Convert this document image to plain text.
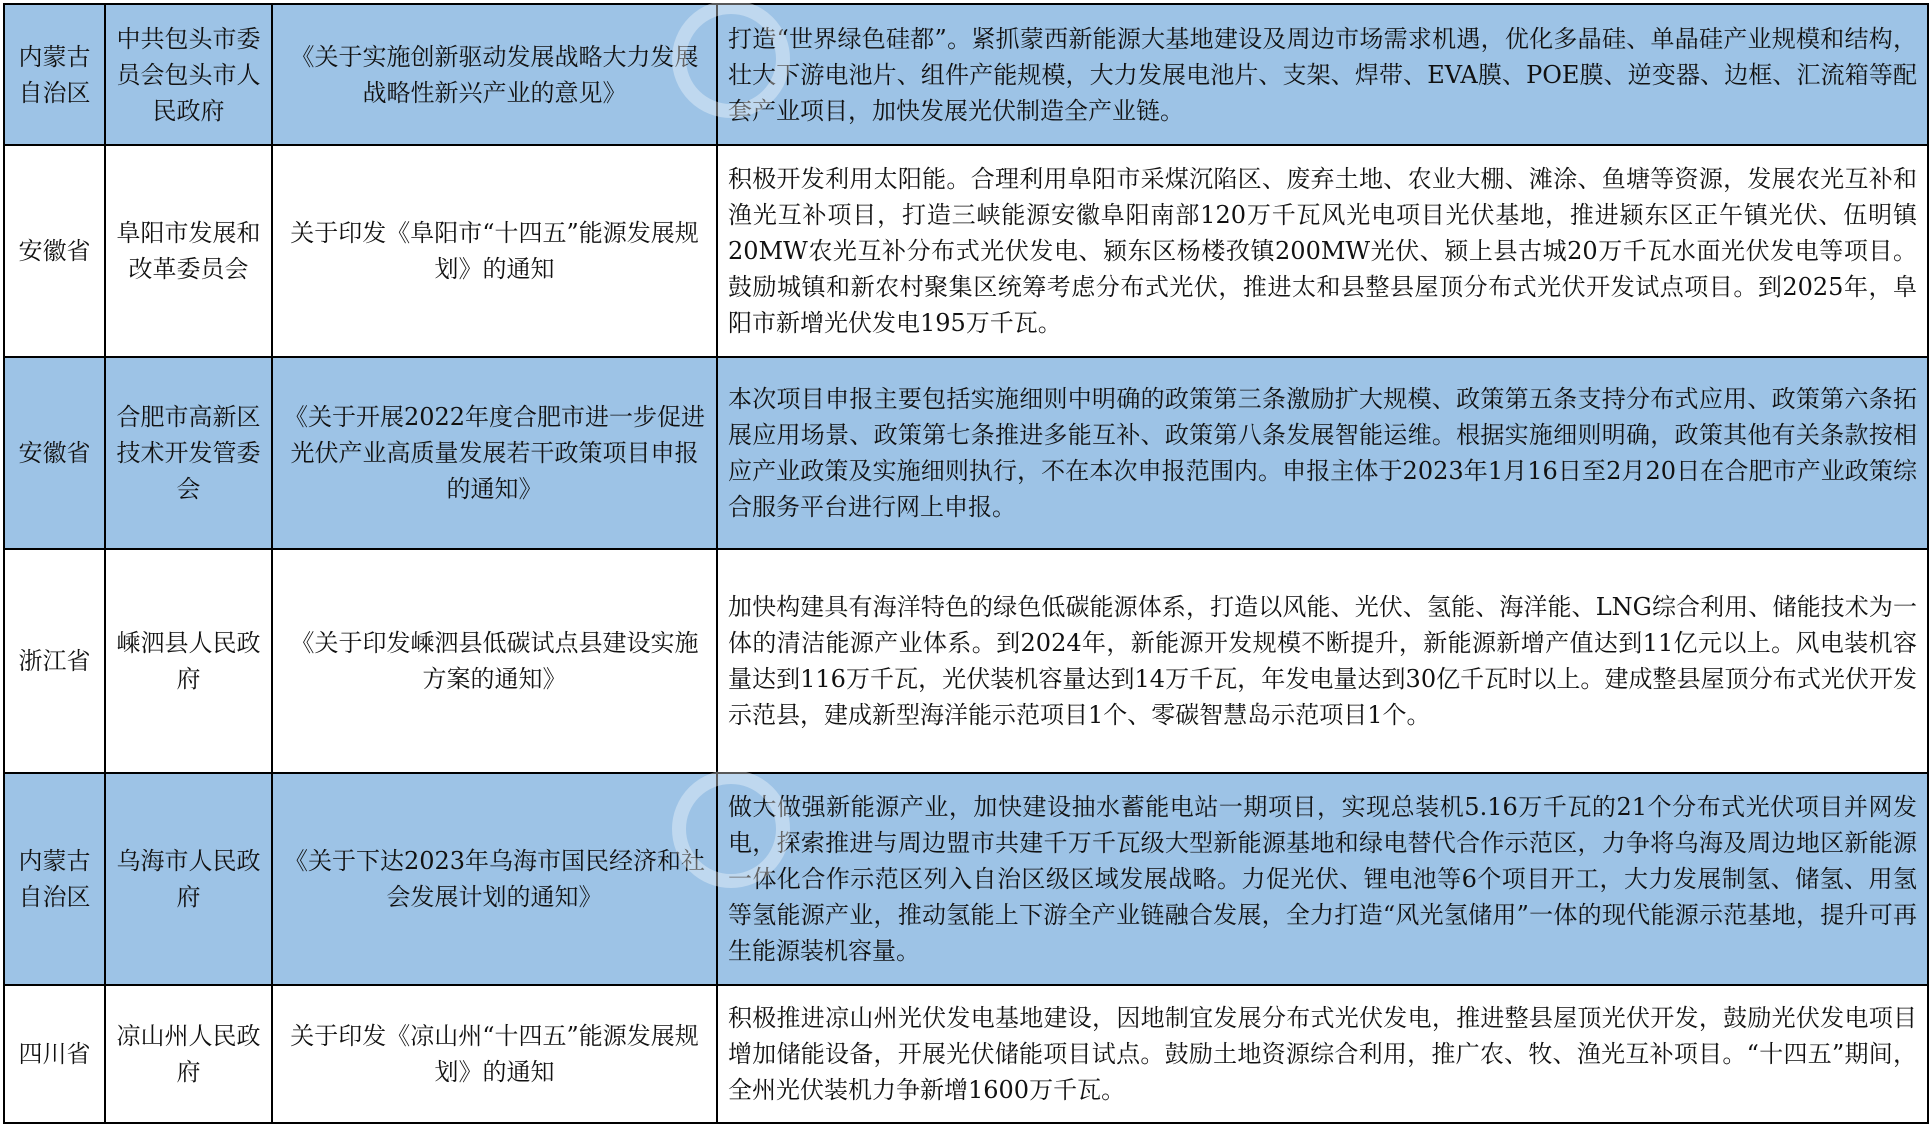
内蒙古自治区	中共包头市委员会包头市人民政府	《关于实施创新驱动发展战略大力发展战略性新兴产业的意见》	打造“世界绿色硅都”。紧抓蒙西新能源大基地建设及周边市场需求机遇，优化多晶硅、单晶硅产业规模和结构，壮大下游电池片、组件产能规模，大力发展电池片、支架、焊带、EVA膜、POE膜、逆变器、边框、汇流箱等配套产业项目，加快发展光伏制造全产业链。
安徽省	阜阳市发展和改革委员会	关于印发《阜阳市“十四五”能源发展规划》的通知	积极开发利用太阳能。合理利用阜阳市采煤沉陷区、废弃土地、农业大棚、滩涂、鱼塘等资源，发展农光互补和渔光互补项目，打造三峡能源安徽阜阳南部120万千瓦风光电项目光伏基地，推进颍东区正午镇光伏、伍明镇20MW农光互补分布式光伏发电、颍东区杨楼孜镇200MW光伏、颍上县古城20万千瓦水面光伏发电等项目。鼓励城镇和新农村聚集区统筹考虑分布式光伏，推进太和县整县屋顶分布式光伏开发试点项目。到2025年，阜阳市新增光伏发电195万千瓦。
安徽省	合肥市高新区技术开发管委会	《关于开展2022年度合肥市进一步促进光伏产业高质量发展若干政策项目申报的通知》	本次项目申报主要包括实施细则中明确的政策第三条激励扩大规模、政策第五条支持分布式应用、政策第六条拓展应用场景、政策第七条推进多能互补、政策第八条发展智能运维。根据实施细则明确，政策其他有关条款按相应产业政策及实施细则执行，不在本次申报范围内。申报主体于2023年1月16日至2月20日在合肥市产业政策综合服务平台进行网上申报。
浙江省	嵊泗县人民政府	《关于印发嵊泗县低碳试点县建设实施方案的通知》	加快构建具有海洋特色的绿色低碳能源体系，打造以风能、光伏、氢能、海洋能、LNG综合利用、储能技术为一体的清洁能源产业体系。到2024年，新能源开发规模不断提升，新能源新增产值达到11亿元以上。风电装机容量达到116万千瓦，光伏装机容量达到14万千瓦，年发电量达到30亿千瓦时以上。建成整县屋顶分布式光伏开发示范县，建成新型海洋能示范项目1个、零碳智慧岛示范项目1个。
内蒙古自治区	乌海市人民政府	《关于下达2023年乌海市国民经济和社会发展计划的通知》	做大做强新能源产业，加快建设抽水蓄能电站一期项目，实现总装机5.16万千瓦的21个分布式光伏项目并网发电，探索推进与周边盟市共建千万千瓦级大型新能源基地和绿电替代合作示范区，力争将乌海及周边地区新能源一体化合作示范区列入自治区级区域发展战略。力促光伏、锂电池等6个项目开工，大力发展制氢、储氢、用氢等氢能源产业，推动氢能上下游全产业链融合发展，全力打造“风光氢储用”一体的现代能源示范基地，提升可再生能源装机容量。
四川省	凉山州人民政府	关于印发《凉山州“十四五”能源发展规划》的通知	积极推进凉山州光伏发电基地建设，因地制宜发展分布式光伏发电，推进整县屋顶光伏开发，鼓励光伏发电项目增加储能设备，开展光伏储能项目试点。鼓励土地资源综合利用，推广农、牧、渔光互补项目。“十四五”期间，全州光伏装机力争新增1600万千瓦。
